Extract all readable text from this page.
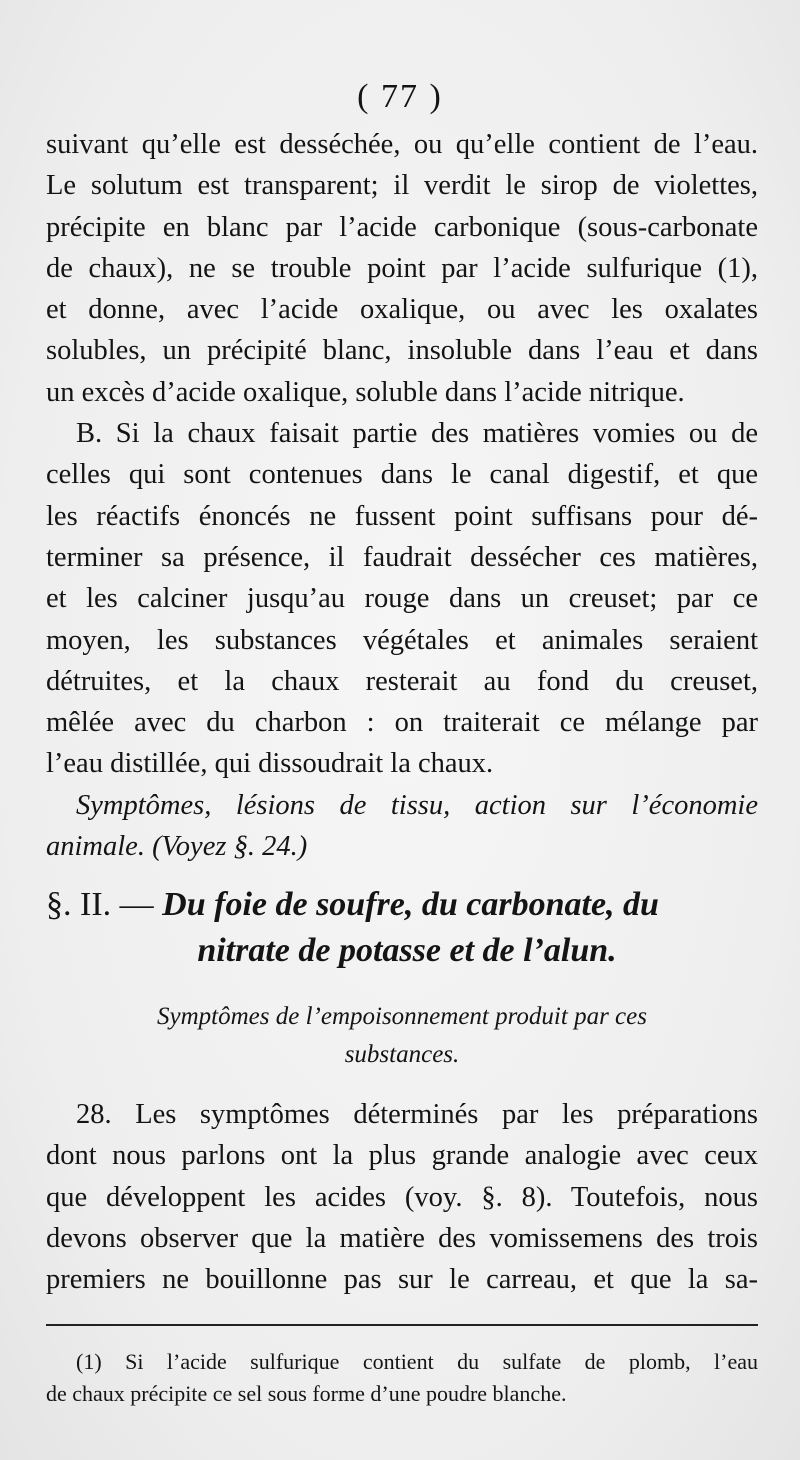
( 77 )
suivant qu’elle est desséchée, ou qu’elle contient de l’eau.
Le solutum est transparent; il verdit le sirop de violettes,
précipite en blanc par l’acide carbonique (sous-carbonate
de chaux), ne se trouble point par l’acide sulfurique (1),
et donne, avec l’acide oxalique, ou avec les oxalates
solubles, un précipité blanc, insoluble dans l’eau et dans
un excès d’acide oxalique, soluble dans l’acide nitrique.
B. Si la chaux faisait partie des matières vomies ou de
celles qui sont contenues dans le canal digestif, et que
les réactifs énoncés ne fussent point suffisans pour dé-
terminer sa présence, il faudrait dessécher ces matières,
et les calciner jusqu’au rouge dans un creuset; par ce
moyen, les substances végétales et animales seraient
détruites, et la chaux resterait au fond du creuset,
mêlée avec du charbon : on traiterait ce mélange par
l’eau distillée, qui dissoudrait la chaux.
Symptômes, lésions de tissu, action sur l’économie
animale. (Voyez §. 24.)
§. II. — Du foie de soufre, du carbonate, du
nitrate de potasse et de l’alun.
Symptômes de l’empoisonnement produit par ces
substances.
28. Les symptômes déterminés par les préparations
dont nous parlons ont la plus grande analogie avec ceux
que développent les acides (voy. §. 8). Toutefois, nous
devons observer que la matière des vomissemens des trois
premiers ne bouillonne pas sur le carreau, et que la sa-
(1) Si l’acide sulfurique contient du sulfate de plomb, l’eau
de chaux précipite ce sel sous forme d’une poudre blanche.
